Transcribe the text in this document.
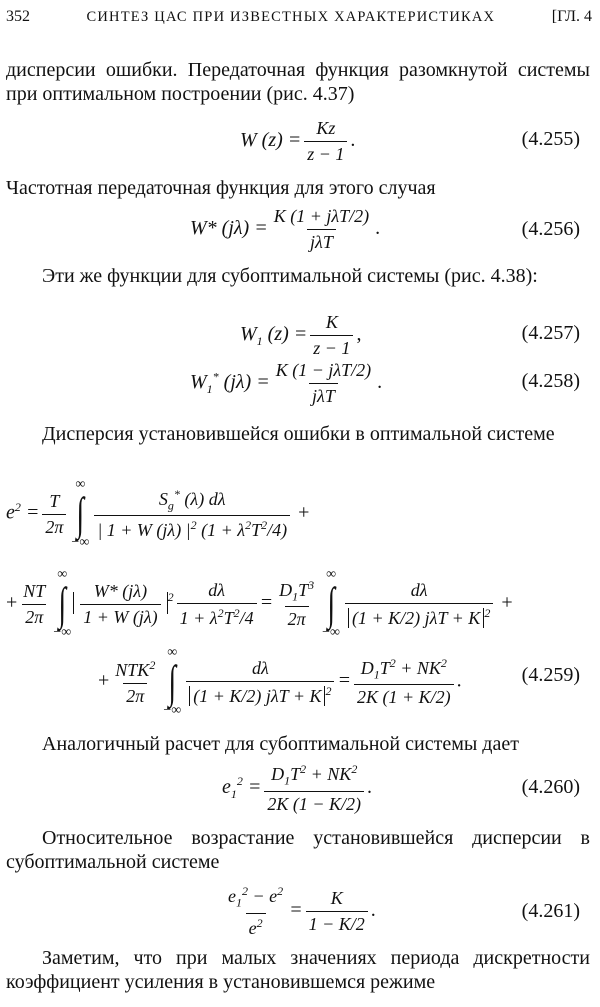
352	СИНТЕЗ ЦАС ПРИ ИЗВЕСТНЫХ ХАРАКТЕРИСТИКАХ	[ГЛ. 4
дисперсии ошибки. Передаточная функция разомкнутой системы при оптимальном построении (рис. 4.37)
W $(z) = \frac{Kz}{z - 1}$ .	(4.255)
Частотная передаточная функция для этого случая
W* $(j\lambda) = \frac{\text{K (1 + jλT/2)}}{\text{jλT}}$ .	(4.256)
Эти же функции для субоптимальной системы (рис. 4.38):
$W_1$ $(z) = \frac{K}{z - 1}$ ,	(4.257)
$W_1^*$ $(j\lambda) = \frac{\text{K (1 − jλT/2)}}{\text{jλT}}$ .	(4.258)
Дисперсия установившейся ошибки в оптимальной системе
$e^2 = \frac{T}{2\pi}$
∞
∫
−∞
$\frac{S_g^* (\lambda) d\lambda}{| 1 + W (j\lambda) |^2 (1 + \lambda^2T^2/4)}$ +
+ $\frac{NT}{2\pi}$
∞
∫
−∞
$\frac{W* (j\lambda)}{1 + W (j\lambda)} ^2 \frac{d\lambda}{1 + \lambda^2T^2/4} = \frac{D_1T^3}{2\pi}$
∞
∫
−∞
$\frac{d\lambda}{(1 + K/2) j\lambda T + K ^2}$ +
+ $\frac{NTK^2}{2\pi}$
∞
∫
−∞
$\frac{d\lambda}{(1 + K/2) j\lambda T + K ^2} = \frac{D_1T^2 + NK^2}{2K (1 + K/2)}$ .	(4.259)
Аналогичный расчет для субоптимальной системы дает
$e_1^2 = \frac{D_1T^2 + NK^2}{2K (1 - K/2)}$ .	(4.260)
Относительное возрастание установившейся дисперсии в субоптимальной системе
$\frac{e_1^2 - e^2}{e^2} = \frac{K}{1 - K/2}$ .	(4.261)
Заметим, что при малых значениях периода дискретности коэффициент усиления в установившемся режиме
